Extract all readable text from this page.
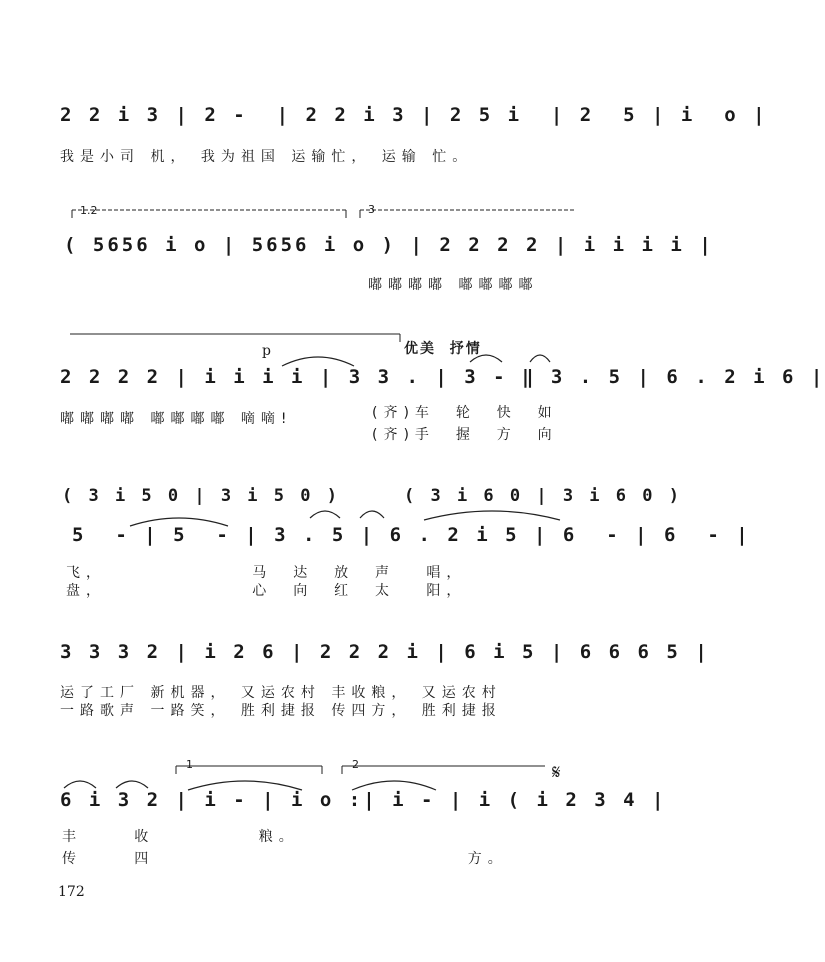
2 2 i 3 | 2 -  | 2 2 i 3 | 2 5 i  | 2  5 | i  o |
我是小司 机， 我为祖国 运输忙， 运输 忙。
1.2	3
( 5656 i o | 5656 i o ) | 2 2 2 2 | i i i i |
嘟嘟嘟嘟 嘟嘟嘟嘟
优美  抒情
p
2 2 2 2 | i i i i | 3 3 . | 3 - ‖ 3 . 5 | 6 . 2 i 6 |
嘟嘟嘟嘟 嘟嘟嘟嘟 嘀嘀!	(齐)车  轮  快  如
(齐)手  握  方  向
( 3 i 5 0 | 3 i 5 0 )	( 3 i 6 0 | 3 i 6 0 )
5  - | 5  - | 3 . 5 | 6 . 2 i 5 | 6  - | 6  - |
飞，              马  达  放  声   唱，
盘，              心  向  红  太   阳，
3 3 3 2 | i 2 6 | 2 2 2 i | 6 i 5 | 6 6 6 5 |
运了工厂 新机器， 又运农村 丰收粮， 又运农村
一路歌声 一路笑， 胜利捷报 传四方， 胜利捷报
1	2	𝄋
6 i 3 2 | i - | i o :| i - | i ( i 2 3 4 |
丰     收          粮。
传     四                              方。
172
